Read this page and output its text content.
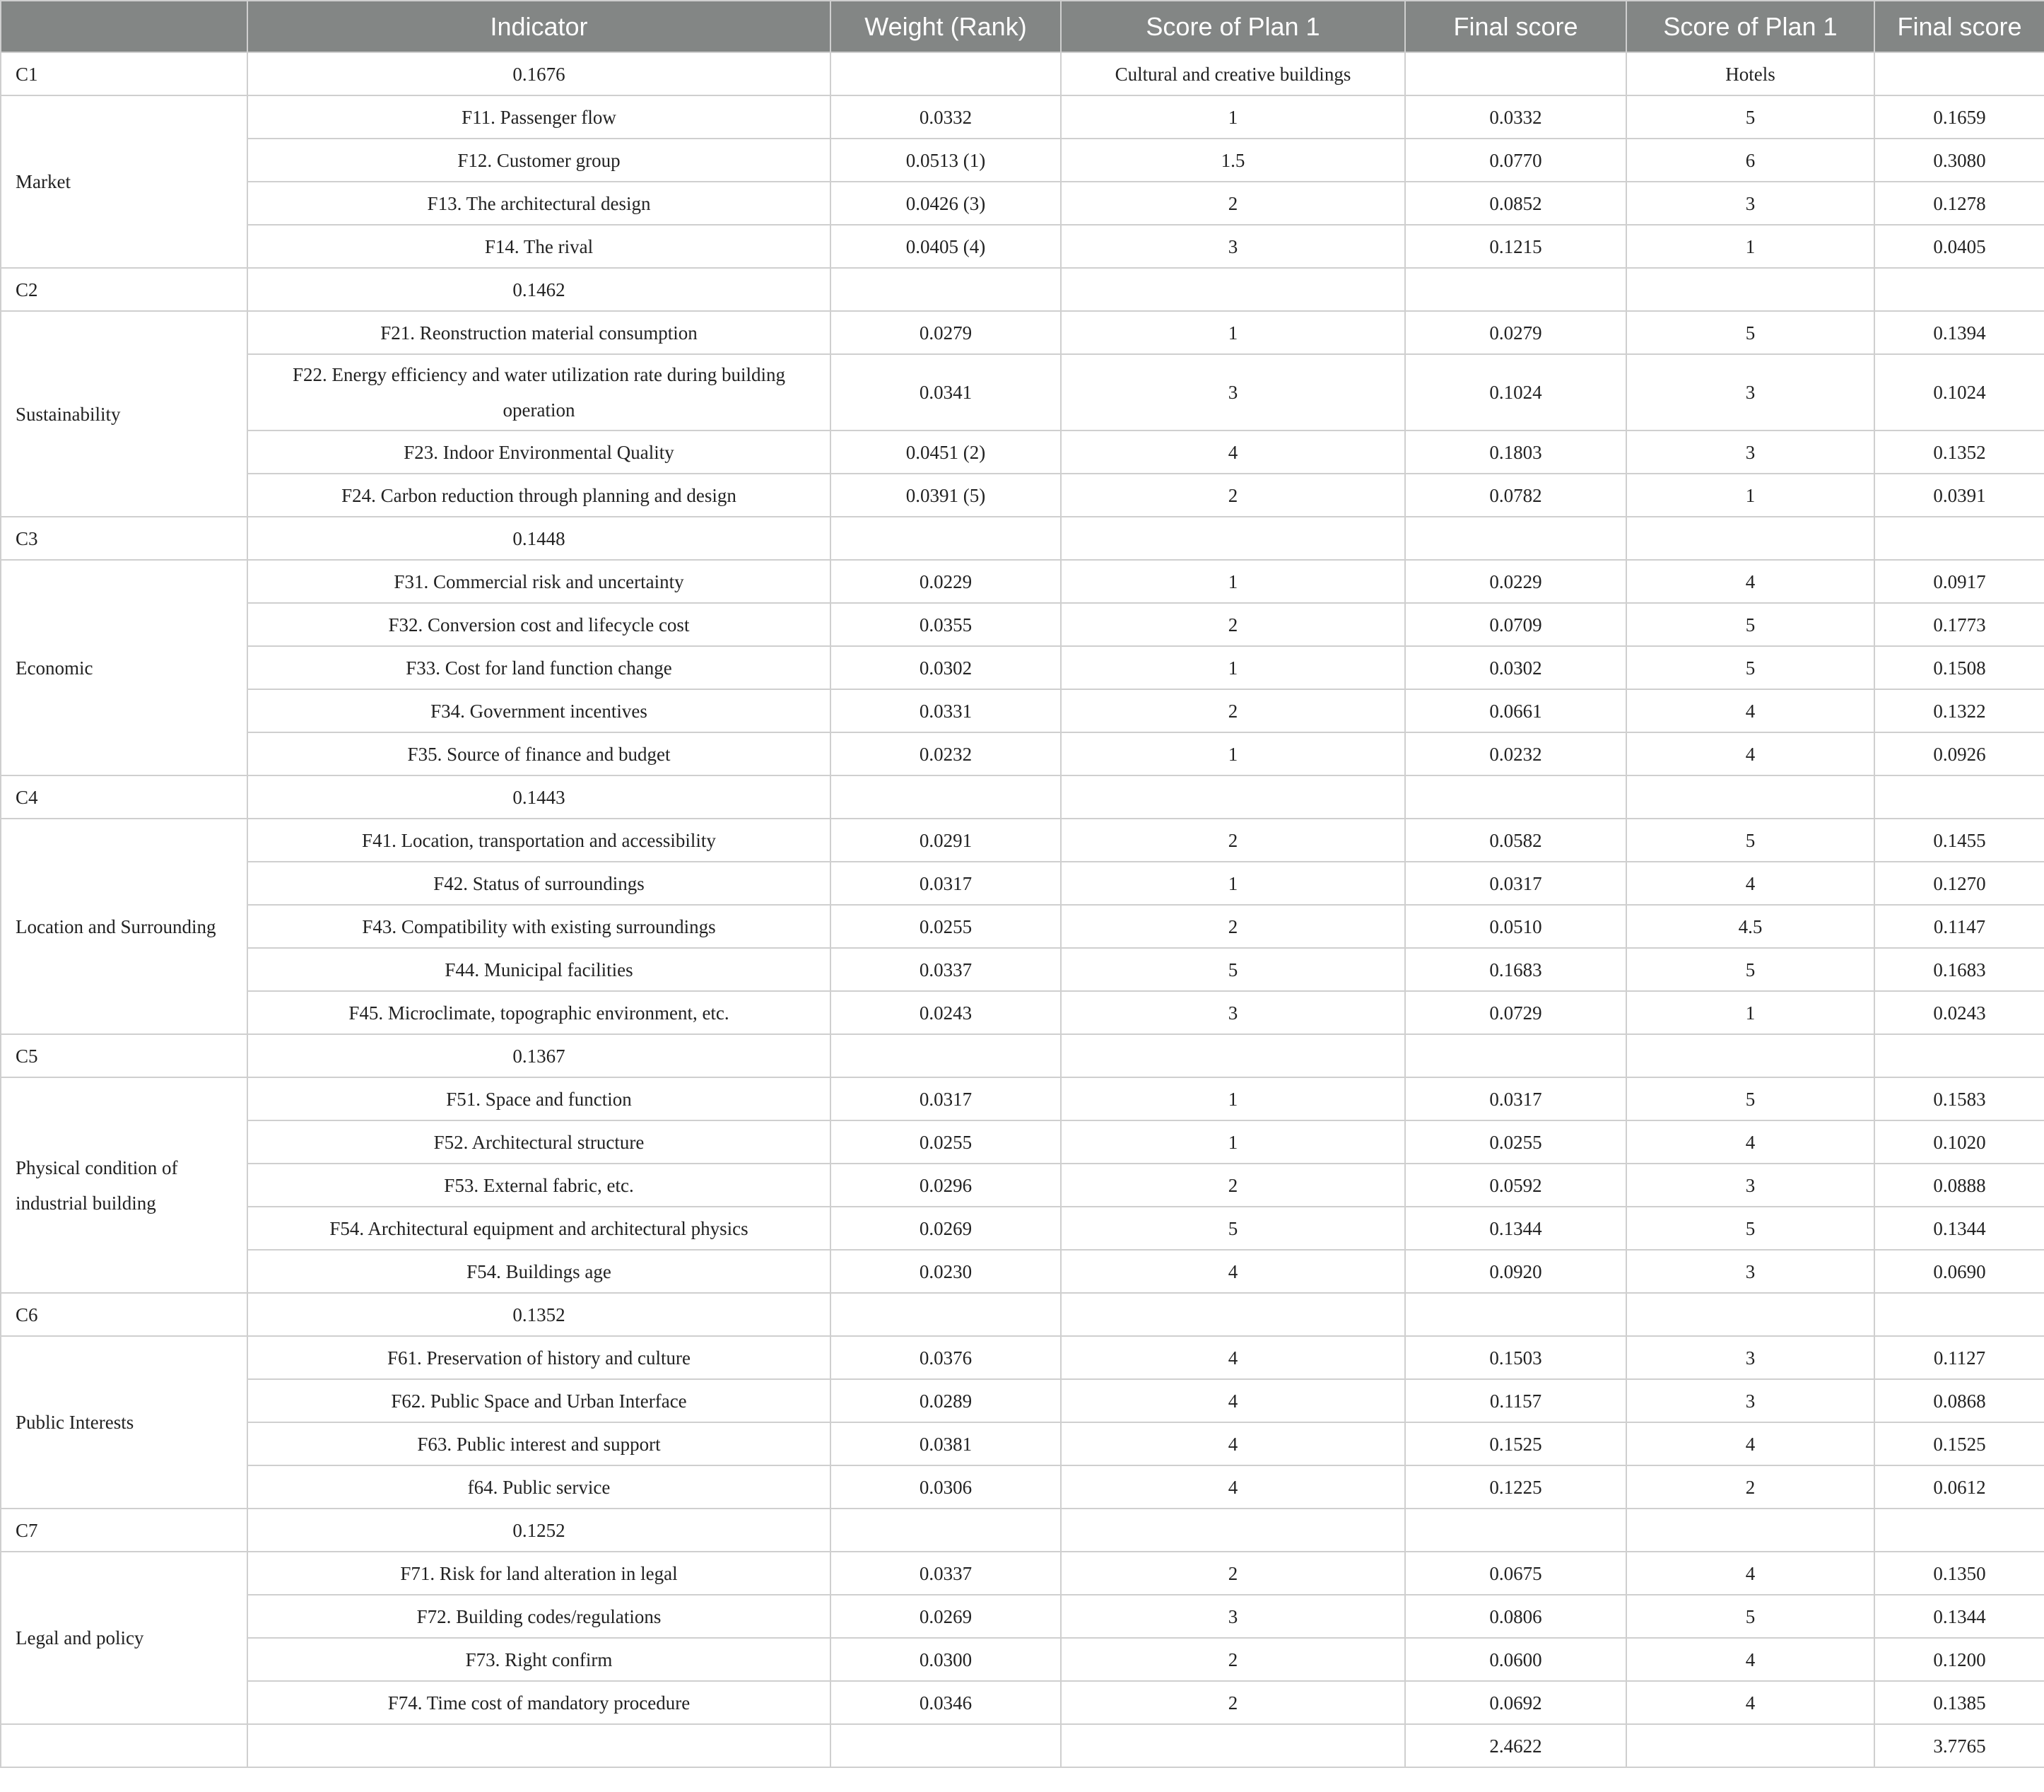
	Indicator	Weight (Rank)	Score of Plan 1	Final score	Score of Plan 1	Final score
C1	0.1676		Cultural and creative buildings		Hotels	
Market	F11. Passenger flow	0.0332	1	0.0332	5	0.1659
	F12. Customer group	0.0513 (1)	1.5	0.0770	6	0.3080
	F13. The architectural design	0.0426 (3)	2	0.0852	3	0.1278
	F14. The rival	0.0405 (4)	3	0.1215	1	0.0405
C2	0.1462					
Sustainability	F21. Reonstruction material consumption	0.0279	1	0.0279	5	0.1394
	F22. Energy efficiency and water utilization rate during building operation	0.0341	3	0.1024	3	0.1024
	F23. Indoor Environmental Quality	0.0451 (2)	4	0.1803	3	0.1352
	F24. Carbon reduction through planning and design	0.0391 (5)	2	0.0782	1	0.0391
C3	0.1448					
Economic	F31. Commercial risk and uncertainty	0.0229	1	0.0229	4	0.0917
	F32. Conversion cost and lifecycle cost	0.0355	2	0.0709	5	0.1773
	F33. Cost for land function change	0.0302	1	0.0302	5	0.1508
	F34. Government incentives	0.0331	2	0.0661	4	0.1322
	F35. Source of finance and budget	0.0232	1	0.0232	4	0.0926
C4	0.1443					
Location and Surrounding	F41. Location, transportation and accessibility	0.0291	2	0.0582	5	0.1455
	F42. Status of surroundings	0.0317	1	0.0317	4	0.1270
	F43. Compatibility with existing surroundings	0.0255	2	0.0510	4.5	0.1147
	F44. Municipal facilities	0.0337	5	0.1683	5	0.1683
	F45. Microclimate, topographic environment, etc.	0.0243	3	0.0729	1	0.0243
C5	0.1367					
Physical condition of industrial building	F51. Space and function	0.0317	1	0.0317	5	0.1583
	F52. Architectural structure	0.0255	1	0.0255	4	0.1020
	F53. External fabric, etc.	0.0296	2	0.0592	3	0.0888
	F54. Architectural equipment and architectural physics	0.0269	5	0.1344	5	0.1344
	F54. Buildings age	0.0230	4	0.0920	3	0.0690
C6	0.1352					
Public Interests	F61. Preservation of history and culture	0.0376	4	0.1503	3	0.1127
	F62. Public Space and Urban Interface	0.0289	4	0.1157	3	0.0868
	F63. Public interest and support	0.0381	4	0.1525	4	0.1525
	f64. Public service	0.0306	4	0.1225	2	0.0612
C7	0.1252					
Legal and policy	F71. Risk for land alteration in legal	0.0337	2	0.0675	4	0.1350
	F72. Building codes/regulations	0.0269	3	0.0806	5	0.1344
	F73. Right confirm	0.0300	2	0.0600	4	0.1200
	F74. Time cost of mandatory procedure	0.0346	2	0.0692	4	0.1385
				2.4622		3.7765
